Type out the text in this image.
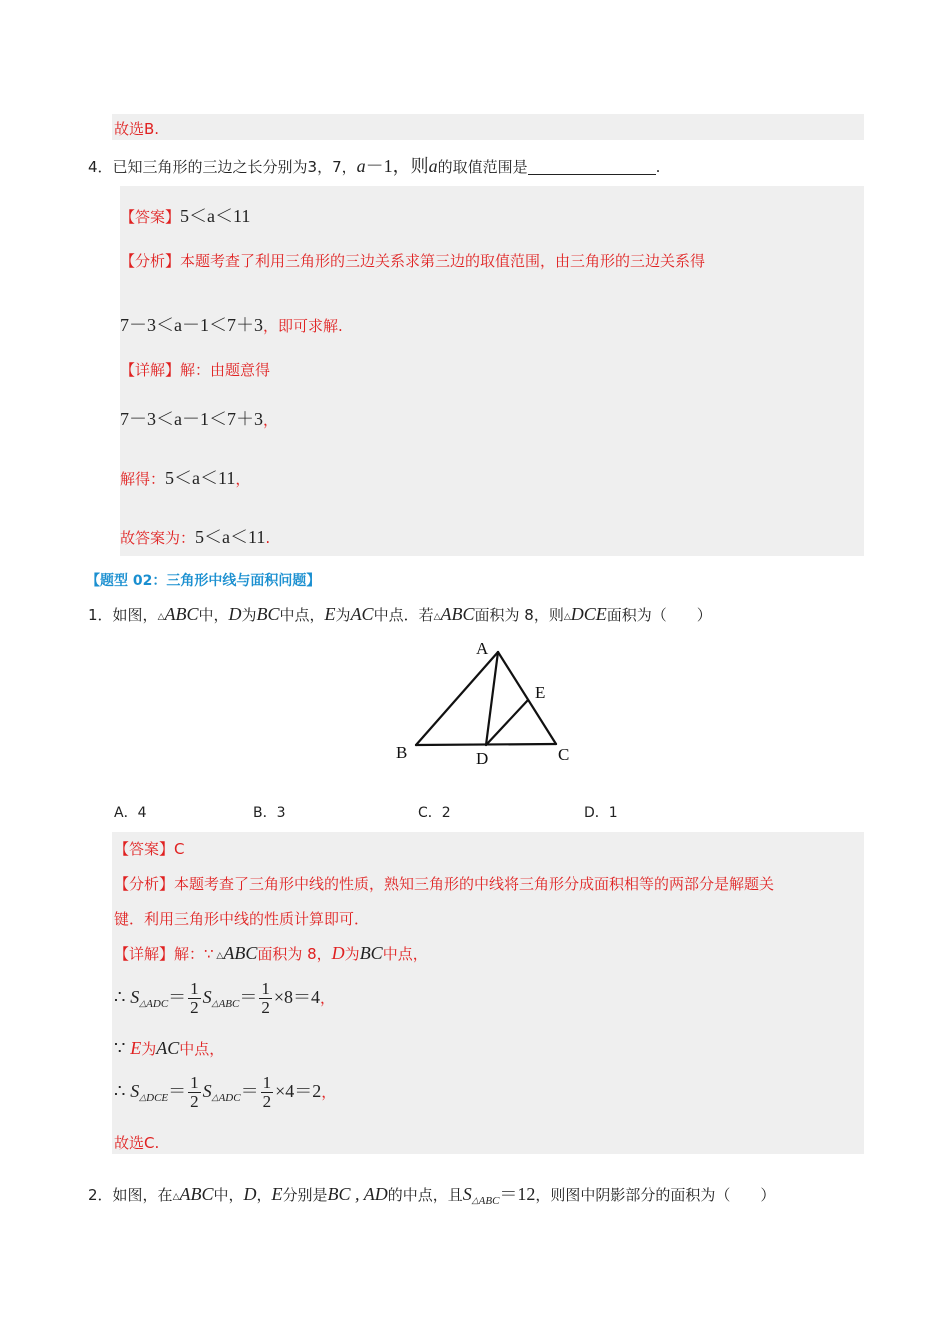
故选B.
4．已知三角形的三边之长分别为3，7，a－1，则a的取值范围是	.
【答案】5＜a＜11
【分析】本题考查了利用三角形的三边关系求第三边的取值范围，由三角形的三边关系得
7－3＜a－1＜7＋3，即可求解.
【详解】解：由题意得
7－3＜a－1＜7＋3，
解得：5＜a＜11，
故答案为：5＜a＜11.
【题型 02：三角形中线与面积问题】
1．如图，△ABC中，D为BC中点，E为AC中点．若△ABC面积为 8，则△DCE面积为（　　）
A
E
B	D	C
A．4	B．3	C．2	D．1
【答案】C
【分析】本题考查了三角形中线的性质，熟知三角形的中线将三角形分成面积相等的两部分是解题关
键．利用三角形中线的性质计算即可．
【详解】解：∵ △ABC面积为 8，D为BC中点，
∴ $S_{\triangle ADC}= \frac{1}{2} S_{\triangle ABC}= \frac{1}{2} \times 8=4$，
∵ E为AC中点，
∴ $S_{\triangle DCE}= \frac{1}{2} S_{\triangle ADC}= \frac{1}{2} \times 4=2$，
故选C.
2．如图，在△ABC中，D，E分别是BC , AD的中点，且$S_{\triangle ABC}=12$，则图中阴影部分的面积为（　　）
